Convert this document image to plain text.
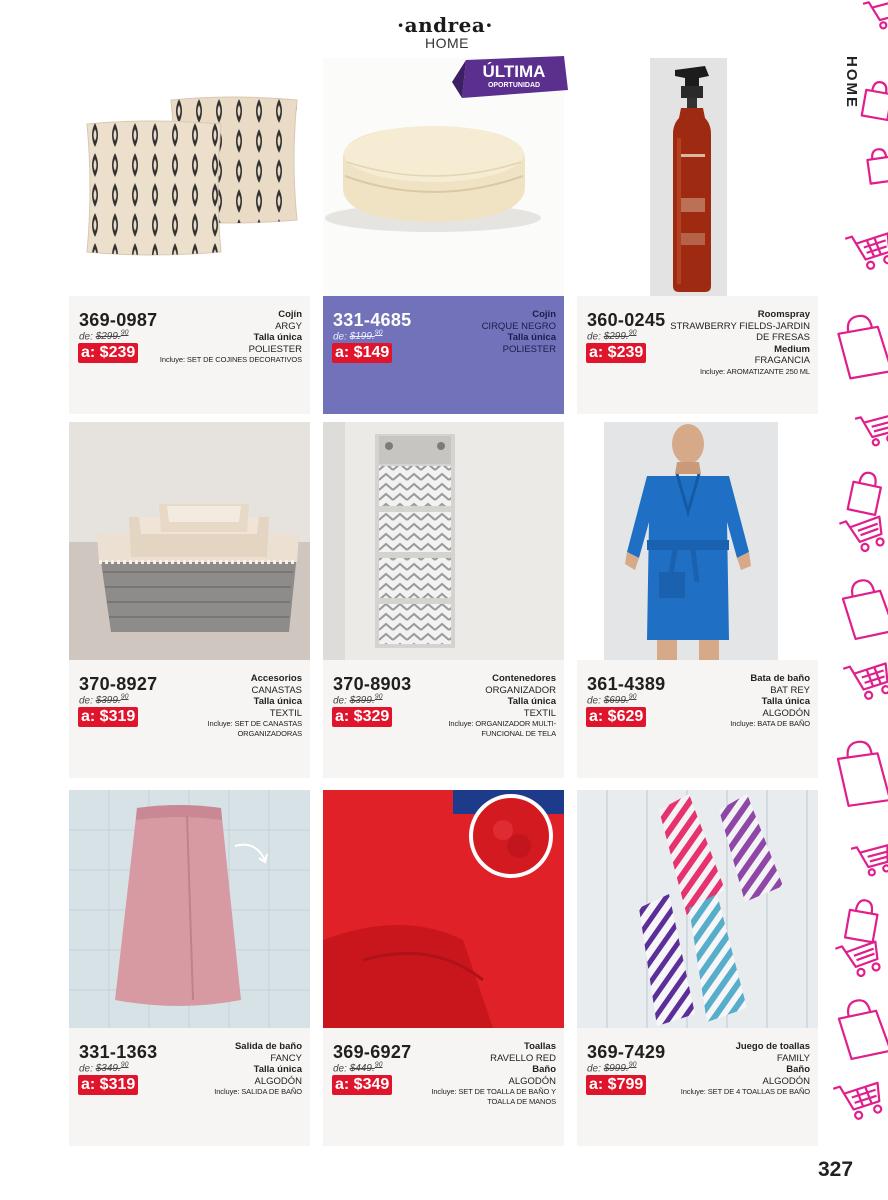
·andrea·
HOME
HOME
369-0987
de: $299.90
a: $239
Cojín
ARGY
Talla única
POLIESTER
Incluye: SET DE COJINES DECORATIVOS
331-4685
de: $199.90
a: $149
Cojín
CIRQUE NEGRO
Talla única
POLIESTER
ÚLTIMA
OPORTUNIDAD
360-0245
de: $299.90
a: $239
Roomspray
STRAWBERRY FIELDS-JARDIN DE FRESAS
Medium
FRAGANCIA
Incluye: AROMATIZANTE 250 ML
370-8927
de: $399.90
a: $319
Accesorios
CANASTAS
Talla única
TEXTIL
Incluye: SET DE CANASTAS ORGANIZADORAS
370-8903
de: $399.90
a: $329
Contenedores
ORGANIZADOR
Talla única
TEXTIL
Incluye: ORGANIZADOR MULTI-FUNCIONAL DE TELA
361-4389
de: $699.90
a: $629
Bata de baño
BAT REY
Talla única
ALGODÓN
Incluye: BATA DE BAÑO
331-1363
de: $349.90
a: $319
Salida de baño
FANCY
Talla única
ALGODÓN
Incluye: SALIDA DE BAÑO
369-6927
de: $449.90
a: $349
Toallas
RAVELLO RED
Baño
ALGODÓN
Incluye: SET DE TOALLA DE BAÑO Y TOALLA DE MANOS
369-7429
de: $999.90
a: $799
Juego de toallas
FAMILY
Baño
ALGODÓN
Incluye: SET DE 4 TOALLAS DE BAÑO
327
